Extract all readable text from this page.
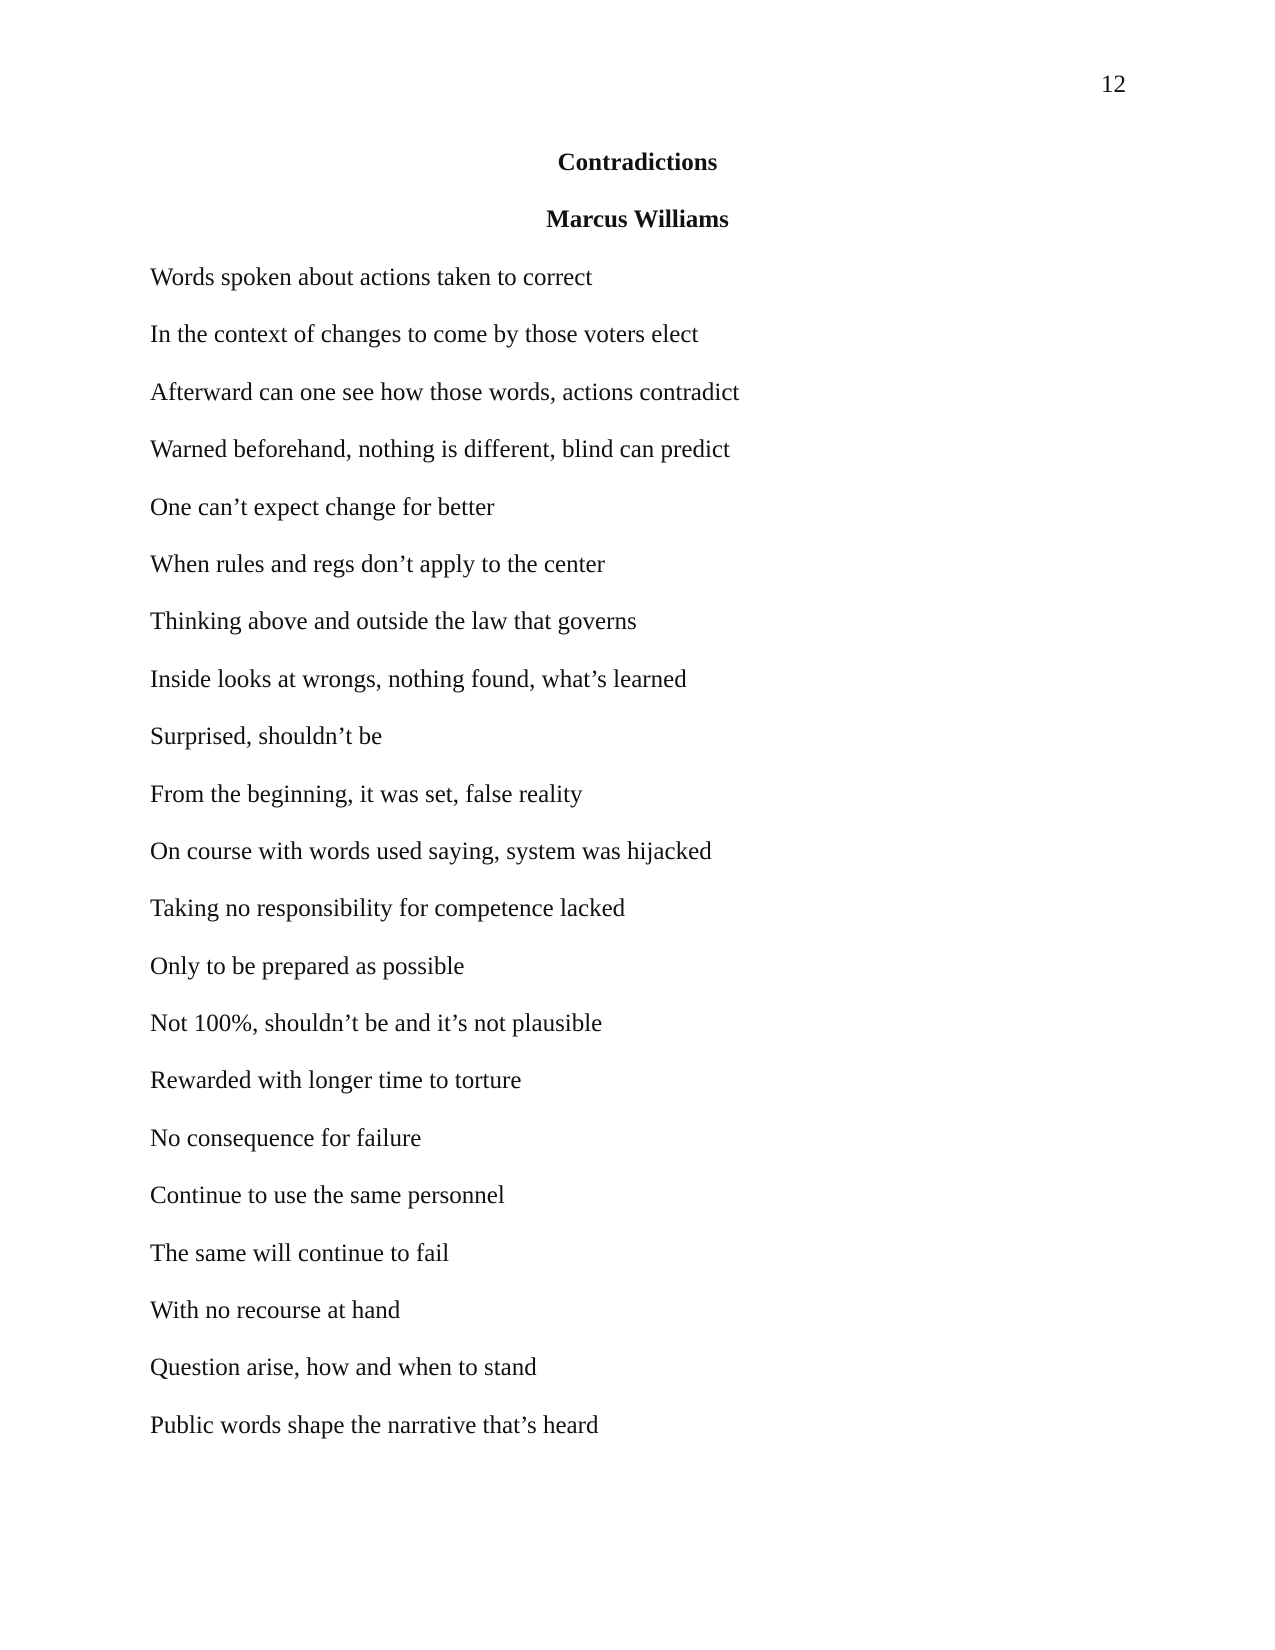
12
Contradictions
Marcus Williams
Words spoken about actions taken to correct
In the context of changes to come by those voters elect
Afterward can one see how those words, actions contradict
Warned beforehand, nothing is different, blind can predict
One can’t expect change for better
When rules and regs don’t apply to the center
Thinking above and outside the law that governs
Inside looks at wrongs, nothing found, what’s learned
Surprised, shouldn’t be
From the beginning, it was set, false reality
On course with words used saying, system was hijacked
Taking no responsibility for competence lacked
Only to be prepared as possible
Not 100%, shouldn’t be and it’s not plausible
Rewarded with longer time to torture
No consequence for failure
Continue to use the same personnel
The same will continue to fail
With no recourse at hand
Question arise, how and when to stand
Public words shape the narrative that’s heard
